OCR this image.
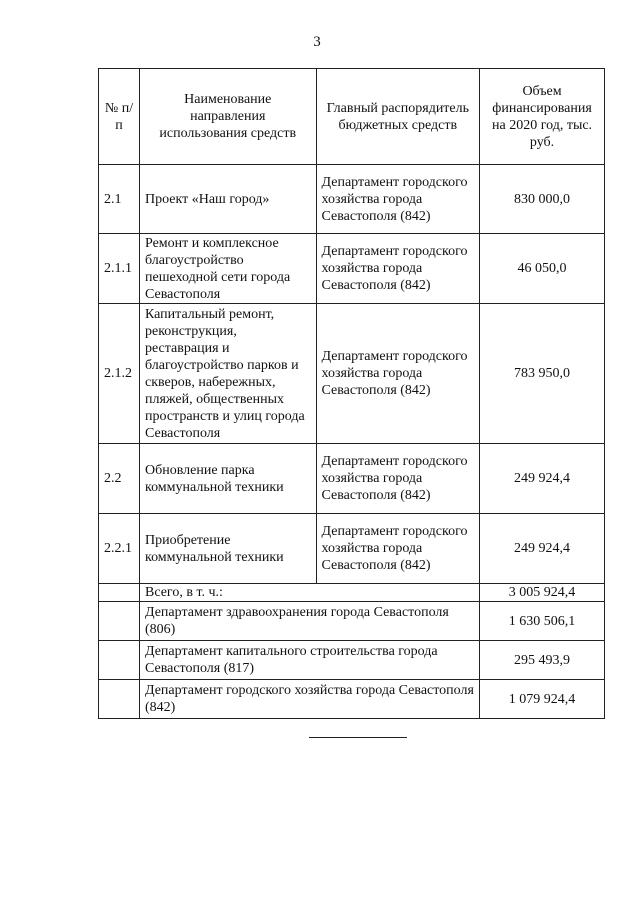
3
№ п/п	Наименование направления использования средств	Главный распорядитель бюджетных средств	Объем финансирования на 2020 год, тыс. руб.
2.1	Проект «Наш город»	Департамент городского хозяйства города Севастополя (842)	830 000,0
2.1.1	Ремонт и комплексное благоустройство пешеходной сети города Севастополя	Департамент городского хозяйства города Севастополя (842)	46 050,0
2.1.2	Капитальный ремонт, реконструкция, реставрация и благоустройство парков и скверов, набережных, пляжей, общественных пространств и улиц города Севастополя	Департамент городского хозяйства города Севастополя (842)	783 950,0
2.2	Обновление парка коммунальной техники	Департамент городского хозяйства города Севастополя (842)	249 924,4
2.2.1	Приобретение коммунальной техники	Департамент городского хозяйства города Севастополя (842)	249 924,4
	Всего, в т. ч.:		3 005 924,4
	Департамент здравоохранения города Севастополя (806)		1 630 506,1
	Департамент капитального строительства города Севастополя (817)		295 493,9
	Департамент городского хозяйства города Севастополя (842)		1 079 924,4
